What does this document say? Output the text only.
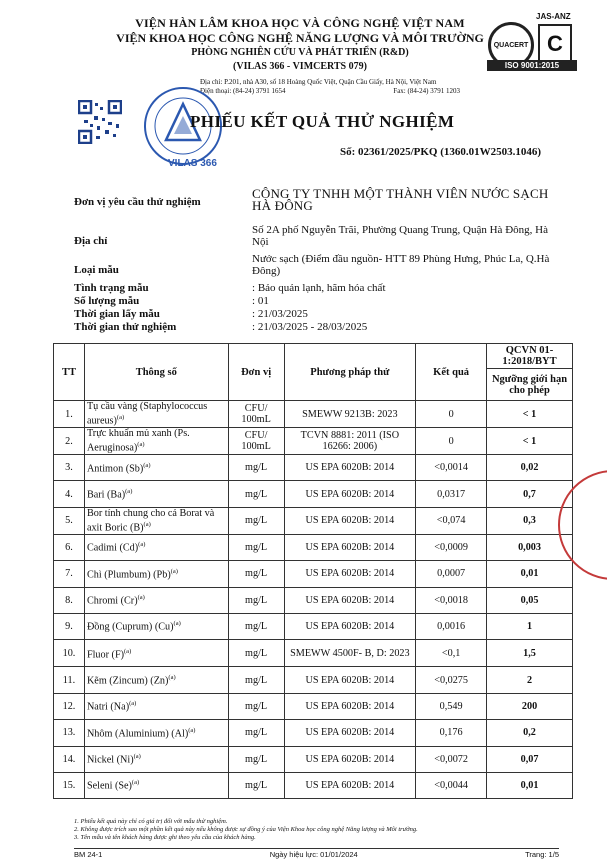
VIỆN HÀN LÂM KHOA HỌC VÀ CÔNG NGHỆ VIỆT NAM
VIỆN KHOA HỌC CÔNG NGHỆ NĂNG LƯỢNG VÀ MÔI TRƯỜNG
PHÒNG NGHIÊN CỨU VÀ PHÁT TRIỂN (R&D)
(VILAS 366 - VIMCERTS 079)
Địa chỉ: P.201, nhà A30, số 18 Hoàng Quốc Việt, Quận Cầu Giấy, Hà Nội, Việt Nam
Điện thoại: (84-24) 3791 1654	Fax: (84-24) 3791 1203
JAS-ANZ
QUACERT C
ISO 9001:2015
VILAS 366
PHIẾU KẾT QUẢ THỬ NGHIỆM
Số: 02361/2025/PKQ (1360.01W2503.1046)
Đơn vị yêu cầu thử nghiệm
CÔNG TY TNHH MỘT THÀNH VIÊN NƯỚC SẠCH HÀ ĐÔNG
Địa chỉ
Số 2A phố Nguyễn Trãi, Phường Quang Trung, Quận Hà Đông, Hà Nội
Loại mẫu
Nước sạch (Điểm đầu nguồn- HTT 89 Phùng Hưng, Phúc La, Q.Hà Đông)
Tình trạng mẫu	: Bảo quản lạnh, hãm hóa chất
Số lượng mẫu	: 01
Thời gian lấy mẫu	: 21/03/2025
Thời gian thử nghiệm	: 21/03/2025 - 28/03/2025
TT	Thông số	Đơn vị	Phương pháp thử	Kết quả	QCVN 01-1:2018/BYT
					Ngưỡng giới hạn cho phép
1.	Tụ cầu vàng (Staphylococcus aureus)$^{(a)}$	CFU/ 100mL	SMEWW 9213B: 2023	0	< 1
2.	Trực khuẩn mủ xanh (Ps. Aeruginosa)$^{(a)}$	CFU/ 100mL	TCVN 8881: 2011 (ISO 16266: 2006)	0	< 1
3.	Antimon $(Sb)^{(a)}$	mg/L	US EPA 6020B: 2014	<0,0014	0,02
4.	Bari $(Ba)^{(a)}$	mg/L	US EPA 6020B: 2014	0,0317	0,7
5.	Bor tính chung cho cả Borat và axit Boric $(B)^{(a)}$	mg/L	US EPA 6020B: 2014	<0,074	0,3
6.	Cadimi $(Cd)^{(a)}$	mg/L	US EPA 6020B: 2014	<0,0009	0,003
7.	Chì (Plumbum) $(Pb)^{(a)}$	mg/L	US EPA 6020B: 2014	0,0007	0,01
8.	Chromi $(Cr)^{(a)}$	mg/L	US EPA 6020B: 2014	<0,0018	0,05
9.	Đồng (Cuprum) $(Cu)^{(a)}$	mg/L	US EPA 6020B: 2014	0,0016	1
10.	Fluor $(F)^{(a)}$	mg/L	SMEWW 4500F- B, D: 2023	<0,1	1,5
11.	Kẽm (Zincum) $(Zn)^{(a)}$	mg/L	US EPA 6020B: 2014	<0,0275	2
12.	Natri $(Na)^{(a)}$	mg/L	US EPA 6020B: 2014	0,549	200
13.	Nhôm (Aluminium) $(Al)^{(a)}$	mg/L	US EPA 6020B: 2014	0,176	0,2
14.	Nickel $(Ni)^{(a)}$	mg/L	US EPA 6020B: 2014	<0,0072	0,07
15.	Seleni $(Se)^{(a)}$	mg/L	US EPA 6020B: 2014	<0,0044	0,01
1. Phiếu kết quả này chỉ có giá trị đối với mẫu thử nghiệm.
2. Không được trích sao một phần kết quả này nếu không được sự đồng ý của Viện Khoa học công nghệ Năng lượng và Môi trường.
3. Tên mẫu và tên khách hàng được ghi theo yêu cầu của khách hàng.
BM 24-1	Ngày hiệu lực: 01/01/2024	Trang: 1/5
